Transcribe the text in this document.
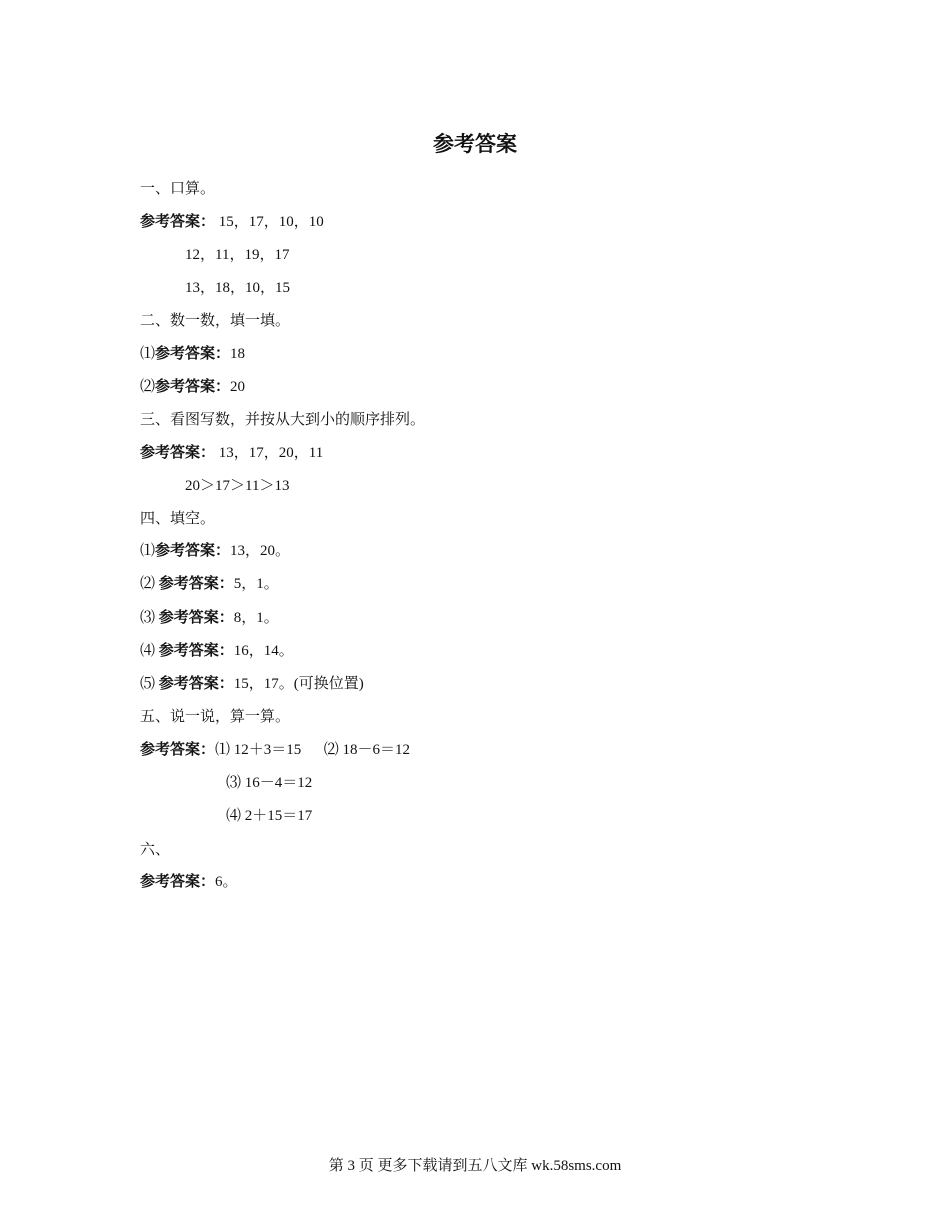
参考答案
一、口算。
参考答案： 15，17，10，10
12，11，19，17
13，18，10，15
二、数一数，填一填。
⑴参考答案：18
⑵参考答案：20
三、看图写数，并按从大到小的顺序排列。
参考答案： 13，17，20，11
20＞17＞11＞13
四、填空。
⑴参考答案：13，20。
⑵ 参考答案：5，1。
⑶ 参考答案：8，1。
⑷ 参考答案：16，14。
⑸ 参考答案：15，17。(可换位置)
五、说一说，算一算。
参考答案：⑴ 12＋3＝15      ⑵ 18－6＝12
⑶ 16－4＝12
⑷ 2＋15＝17
六、
参考答案：6。
第 3 页 更多下载请到五八文库 wk.58sms.com
